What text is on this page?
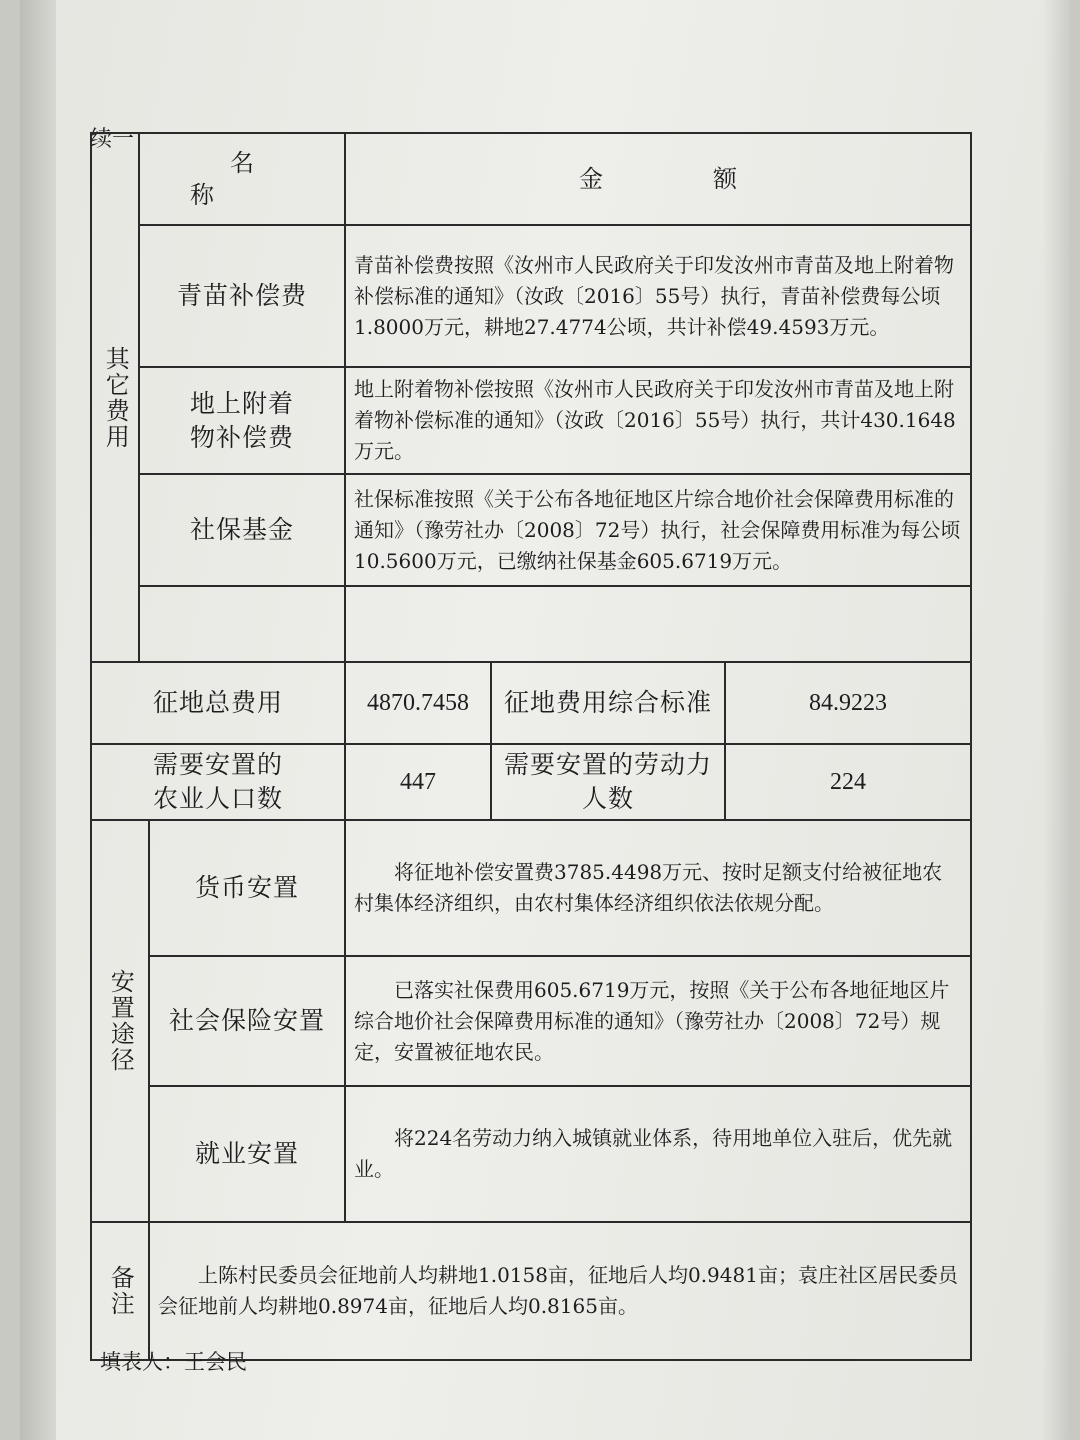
续一
其它费用	名称		金额		
	青苗补偿费		青苗补偿费按照《汝州市人民政府关于印发汝州市青苗及地上附着物补偿标准的通知》（汝政〔2016〕55号）执行，青苗补偿费每公顷1.8000万元，耕地27.4774公顷，共计补偿49.4593万元。		

	地上附着物补偿费		地上附着物补偿按照《汝州市人民政府关于印发汝州市青苗及地上附着物补偿标准的通知》（汝政〔2016〕55号）执行，共计430.1648万元。		
	社保基金		社保标准按照《关于公布各地征地区片综合地价社会保障费用标准的通知》（豫劳社办〔2008〕72号）执行，社会保障费用标准为每公顷10.5600万元，已缴纳社保基金605.6719万元。		

征地总费用			4870.7458	征地费用综合标准	84.9223

需要安置的农业人口数			447	需要安置的劳动力人数	224

安置途径		货币安置	将征地补偿安置费3785.4498万元、按时足额支付给被征地农村集体经济组织，由农村集体经济组织依法依规分配。		
		社会保险安置	已落实社保费用605.6719万元，按照《关于公布各地征地区片综合地价社会保障费用标准的通知》（豫劳社办〔2008〕72号）规定，安置被征地农民。		
		就业安置	将224名劳动力纳入城镇就业体系，待用地单位入驻后，优先就业。		

备注		上陈村民委员会征地前人均耕地1.0158亩，征地后人均0.9481亩；袁庄社区居民委员会征地前人均耕地0.8974亩，征地后人均0.8165亩。			
填表人：王会民
